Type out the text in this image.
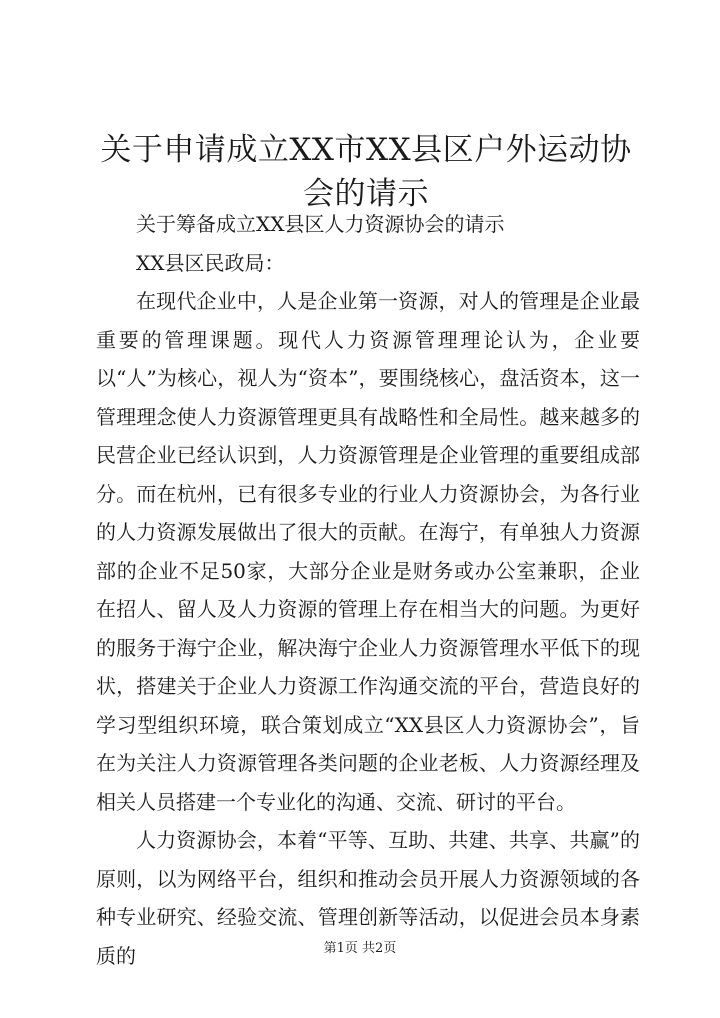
关于申请成立XX市XX县区户外运动协会的请示

关于筹备成立XX县区人力资源协会的请示

XX县区民政局：

在现代企业中，人是企业第一资源，对人的管理是企业最重要的管理课题。现代人力资源管理理论认为，企业要以“人”为核心，视人为“资本”，要围绕核心，盘活资本，这一管理理念使人力资源管理更具有战略性和全局性。越来越多的民营企业已经认识到，人力资源管理是企业管理的重要组成部分。而在杭州，已有很多专业的行业人力资源协会，为各行业的人力资源发展做出了很大的贡献。在海宁，有单独人力资源部的企业不足50家，大部分企业是财务或办公室兼职，企业在招人、留人及人力资源的管理上存在相当大的问题。为更好的服务于海宁企业，解决海宁企业人力资源管理水平低下的现状，搭建关于企业人力资源工作沟通交流的平台，营造良好的学习型组织环境，联合策划成立“XX县区人力资源协会”，旨在为关注人力资源管理各类问题的企业老板、人力资源经理及相关人员搭建一个专业化的沟通、交流、研讨的平台。

人力资源协会，本着“平等、互助、共建、共享、共赢”的原则，以为网络平台，组织和推动会员开展人力资源领域的各种专业研究、经验交流、管理创新等活动，以促进会员本身素质的	第1页 共2页
